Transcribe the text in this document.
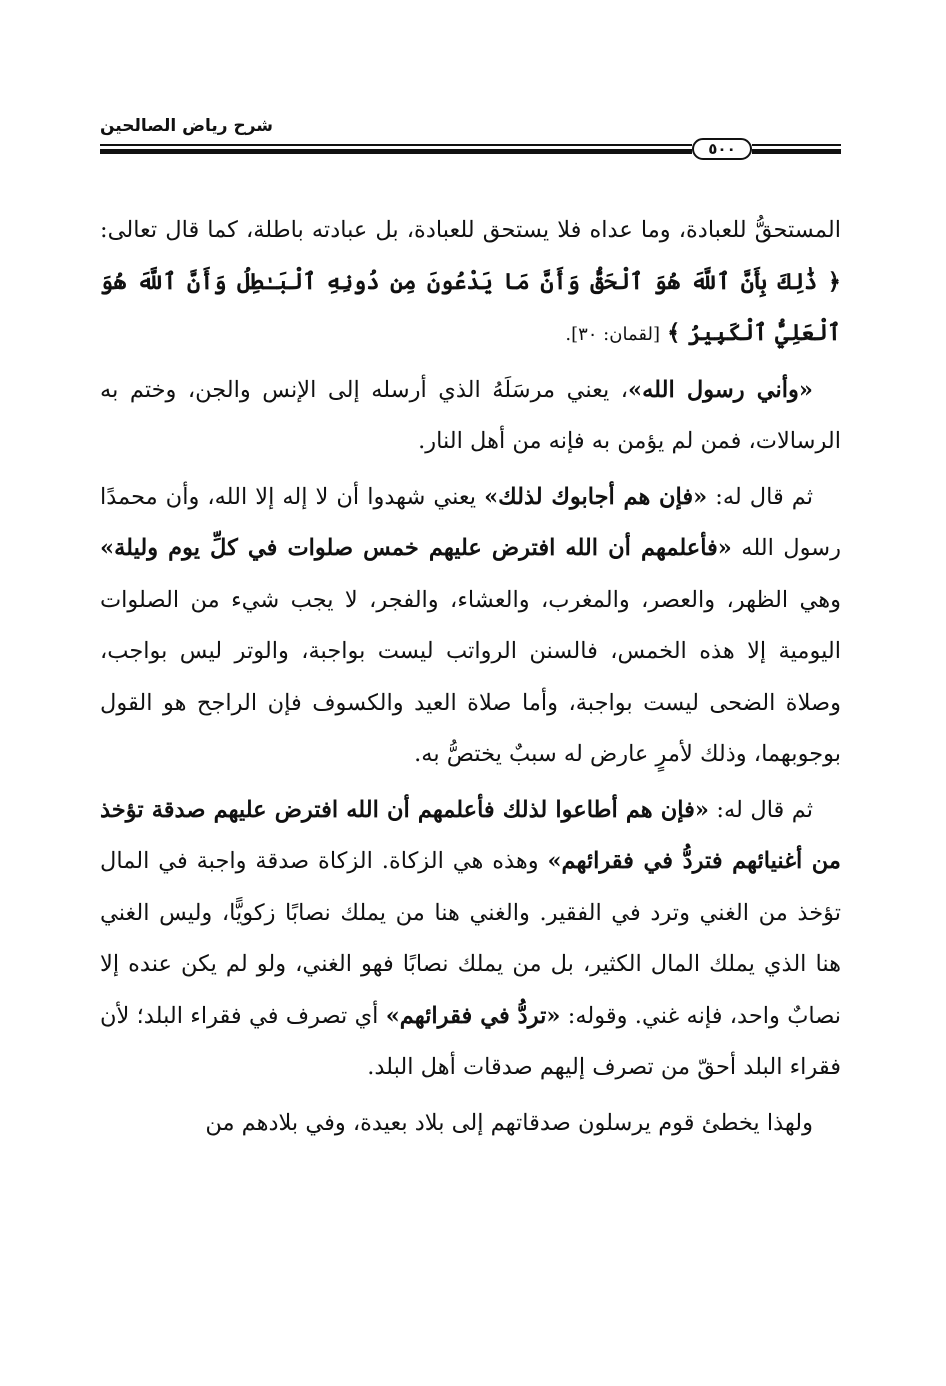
شرح رياض الصالحين
٥٠٠

المستحقُّ للعبادة، وما عداه فلا يستحق للعبادة، بل عبادته باطلة، كما قال تعالى: ﴿ ذَٰلِكَ بِأَنَّ ٱللَّهَ هُوَ ٱلْحَقُّ وَأَنَّ مَا يَدْعُونَ مِن دُونِهِ ٱلْبَـٰطِلُ وَأَنَّ ٱللَّهَ هُوَ ٱلْعَلِيُّ ٱلْكَبِيرُ ﴾ [لقمان: ٣٠].

«وأني رسول الله»، يعني مرسَلَهُ الذي أرسله إلى الإنس والجن، وختم به الرسالات، فمن لم يؤمن به فإنه من أهل النار.

ثم قال له: «فإن هم أجابوك لذلك» يعني شهدوا أن لا إله إلا الله، وأن محمدًا رسول الله «فأعلمهم أن الله افترض عليهم خمس صلوات في كلِّ يوم وليلة» وهي الظهر، والعصر، والمغرب، والعشاء، والفجر، لا يجب شيء من الصلوات اليومية إلا هذه الخمس، فالسنن الرواتب ليست بواجبة، والوتر ليس بواجب، وصلاة الضحى ليست بواجبة، وأما صلاة العيد والكسوف فإن الراجح هو القول بوجوبهما، وذلك لأمرٍ عارض له سببٌ يختصُّ به.

ثم قال له: «فإن هم أطاعوا لذلك فأعلمهم أن الله افترض عليهم صدقة تؤخذ من أغنيائهم فتردُّ في فقرائهم» وهذه هي الزكاة. الزكاة صدقة واجبة في المال تؤخذ من الغني وترد في الفقير. والغني هنا من يملك نصابًا زكويًّا، وليس الغني هنا الذي يملك المال الكثير، بل من يملك نصابًا فهو الغني، ولو لم يكن عنده إلا نصابٌ واحد، فإنه غني. وقوله: «تردُّ في فقرائهم» أي تصرف في فقراء البلد؛ لأن فقراء البلد أحقّ من تصرف إليهم صدقات أهل البلد.

ولهذا يخطئ قوم يرسلون صدقاتهم إلى بلاد بعيدة، وفي بلادهم من
